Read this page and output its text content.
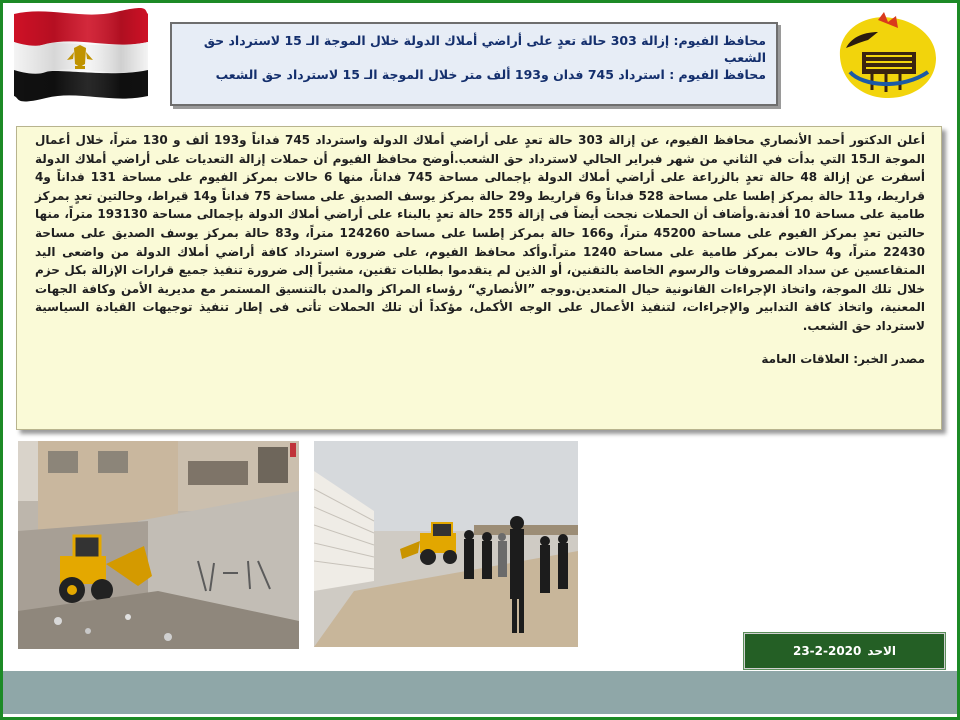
محافظ الفيوم: إزالة 303 حالة تعدٍ على أراضي أملاك الدولة خلال الموجة الـ 15 لاسترداد حق الشعب

محافظ الفيوم : استرداد 745 فدان و193 ألف متر خلال الموجة الـ 15 لاسترداد حق الشعب

أعلن الدكتور أحمد الأنصاري محافظ الفيوم، عن إزالة 303 حالة تعدٍ على أراضي أملاك الدولة واسترداد 745 فداناً و193 ألف و 130 متراً، خلال أعمال الموجة الـ15 التي بدأت في الثاني من شهر فبراير الحالي لاسترداد حق الشعب.أوضح محافظ الفيوم أن حملات إزالة التعديات على أراضي أملاك الدولة أسفرت عن إزالة 48 حالة تعدٍ بالزراعة على أراضي أملاك الدولة بإجمالى مساحة 745 فداناً، منها 6 حالات بمركز الفيوم على مساحة 131 فداناً و4 قراريط، و11 حالة بمركز إطسا على مساحة 528 فداناً و6 قراريط و29 حالة بمركز يوسف الصديق على مساحة 75 فداناً و14 قيراط، وحالتين تعدٍ بمركز طامية على مساحة 10 أفدنة.وأضاف أن الحملات نجحت أيضاً فى إزالة 255 حالة تعدٍ بالبناء على أراضي أملاك الدولة بإجمالى مساحة 193130 متراً، منها حالتين تعدٍ بمركز الفيوم على مساحة 45200 متراً، و166 حالة بمركز إطسا على مساحة 124260 متراً، و83 حالة بمركز يوسف الصديق على مساحة 22430 متراً، و4 حالات بمركز طامية على مساحة 1240 متراً.وأكد محافظ الفيوم، على ضرورة استرداد كافة أراضي أملاك الدولة من واضعى اليد المتقاعسين عن سداد المصروفات والرسوم الخاصة بالتقنين، أو الذين لم يتقدموا بطلبات تقنين، مشيراً إلى ضرورة تنفيذ جميع قرارات الإزالة بكل حزم خلال تلك الموجة، واتخاذ الإجراءات القانونية حيال المتعدين.ووجه ”الأنصاري“ رؤساء المراكز والمدن بالتنسيق المستمر مع مديرية الأمن وكافة الجهات المعنية، واتخاذ كافة التدابير والإجراءات، لتنفيذ الأعمال على الوجه الأكمل، مؤكداً أن تلك الحملات تأتى فى إطار تنفيذ توجيهات القيادة السياسية لاسترداد حق الشعب.

مصدر الخبر: العلاقات العامة

الاحد
23-2-2020
